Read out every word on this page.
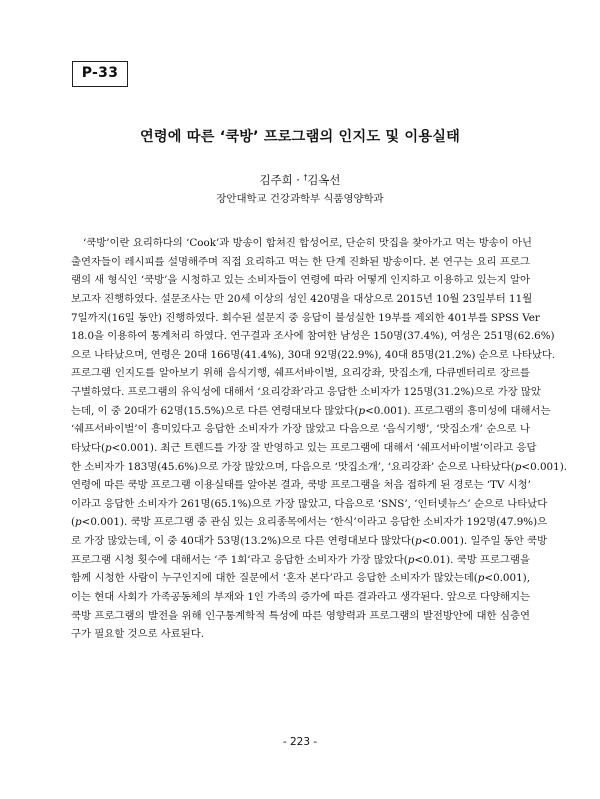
P-33
연령에 따른 ‘쿡방’ 프로그램의 인지도 및 이용실태
김주희 · †김옥선
장안대학교 건강과학부 식품영양학과
‘쿡방’이란 요리하다의 ‘Cook’과 방송이 합쳐진 합성어로, 단순히 맛집을 찾아가고 먹는 방송이 아닌
출연자들이 레시피를 설명해주며 직접 요리하고 먹는 한 단계 진화된 방송이다. 본 연구는 요리 프로그
램의 새 형식인 ‘쿡방’을 시청하고 있는 소비자들이 연령에 따라 어떻게 인지하고 이용하고 있는지 알아
보고자 진행하였다. 설문조사는 만 20세 이상의 성인 420명을 대상으로 2015년 10월 23일부터 11월
7일까지(16일 동안) 진행하였다. 회수된 설문지 중 응답이 불성실한 19부를 제외한 401부를 SPSS Ver
18.0을 이용하여 통계처리 하였다. 연구결과 조사에 참여한 남성은 150명(37.4%), 여성은 251명(62.6%)
으로 나타났으며, 연령은 20대 166명(41.4%), 30대 92명(22.9%), 40대 85명(21.2%) 순으로 나타났다.
프로그램 인지도를 알아보기 위해 음식기행, 쉐프서바이벌, 요리강좌, 맛집소개, 다큐멘터리로 장르를
구별하였다. 프로그램의 유익성에 대해서 ‘요리강좌’라고 응답한 소비자가 125명(31.2%)으로 가장 많았
는데, 이 중 20대가 62명(15.5%)으로 다른 연령대보다 많았다(p<0.001). 프로그램의 흥미성에 대해서는
‘쉐프서바이벌’이 흥미있다고 응답한 소비자가 가장 많았고 다음으로 ‘음식기행’, ‘맛집소개’ 순으로 나
타났다(p<0.001). 최근 트렌드를 가장 잘 반영하고 있는 프로그램에 대해서 ‘쉐프서바이벌’이라고 응답
한 소비자가 183명(45.6%)으로 가장 많았으며, 다음으로 ‘맛집소개’, ‘요리강좌’ 순으로 나타났다(p<0.001).
연령에 따른 쿡방 프로그램 이용실태를 알아본 결과, 쿡방 프로그램을 처음 접하게 된 경로는 ‘TV 시청’
이라고 응답한 소비자가 261명(65.1%)으로 가장 많았고, 다음으로 ‘SNS’, ‘인터넷뉴스’ 순으로 나타났다
(p<0.001). 쿡방 프로그램 중 관심 있는 요리종목에서는 ‘한식’이라고 응답한 소비자가 192명(47.9%)으
로 가장 많았는데, 이 중 40대가 53명(13.2%)으로 다른 연령대보다 많았다(p<0.001). 일주일 동안 쿡방
프로그램 시청 횟수에 대해서는 ‘주 1회’라고 응답한 소비자가 가장 많았다(p<0.01). 쿡방 프로그램을
함께 시청한 사람이 누구인지에 대한 질문에서 ‘혼자 본다’라고 응답한 소비자가 많았는데(p<0.001),
이는 현대 사회가 가족공동체의 부재와 1인 가족의 증가에 따른 결과라고 생각된다. 앞으로 다양해지는
쿡방 프로그램의 발전을 위해 인구통계학적 특성에 따른 영향력과 프로그램의 발전방안에 대한 심층연
구가 필요할 것으로 사료된다.
- 223 -
